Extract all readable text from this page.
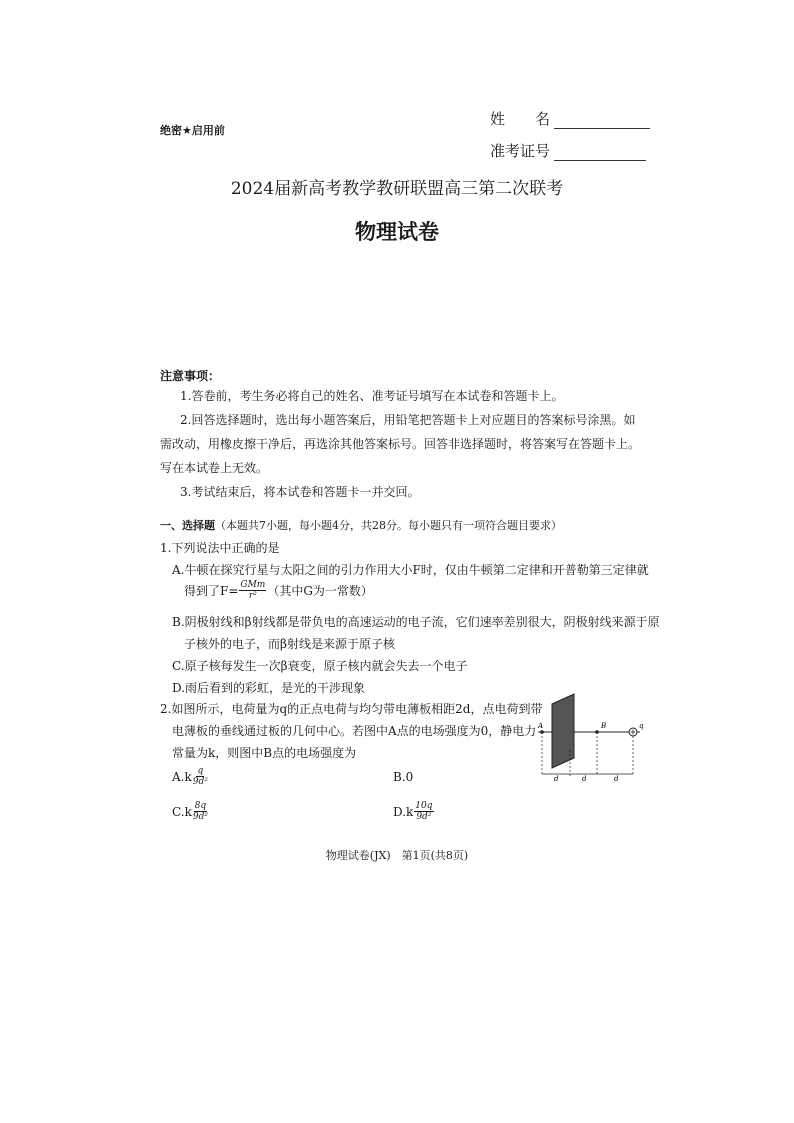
绝密★启用前
姓　　名
准考证号
2024届新高考教学教研联盟高三第二次联考
物理试卷
注意事项：
1.答卷前，考生务必将自己的姓名、准考证号填写在本试卷和答题卡上。
2.回答选择题时，选出每小题答案后，用铅笔把答题卡上对应题目的答案标号涂黑。如需改动，用橡皮擦干净后，再选涂其他答案标号。回答非选择题时，将答案写在答题卡上。写在本试卷上无效。
3.考试结束后，将本试卷和答题卡一并交回。
一、选择题（本题共7小题，每小题4分，共28分。每小题只有一项符合题目要求）
1.下列说法中正确的是
A.牛顿在探究行星与太阳之间的引力作用大小F时，仅由牛顿第二定律和开普勒第三定律就
得到了$F= \frac{\text{GMm}}{\text{r²}}$ （其中G为一常数）
B.阴极射线和β射线都是带负电的高速运动的电子流，它们速率差别很大，阴极射线来源于原
子核外的电子，而β射线是来源于原子核
C.原子核每发生一次β衰变，原子核内就会失去一个电子
D.雨后看到的彩虹，是光的干涉现象
2.如图所示，电荷量为q的正点电荷与均匀带电薄板相距2d，点电荷到带
电薄板的垂线通过板的几何中心。若图中A点的电场强度为0，静电力
常量为k，则图中B点的电场强度为
$A.k \frac{q}{\text{9d²}}$	B.0
$C.k \frac{8q}{\text{9d²}}$	$D.k \frac{10q}{\text{9d²}}$
A	B	q
d	d	d
物理试卷(JX)　第1页(共8页)
